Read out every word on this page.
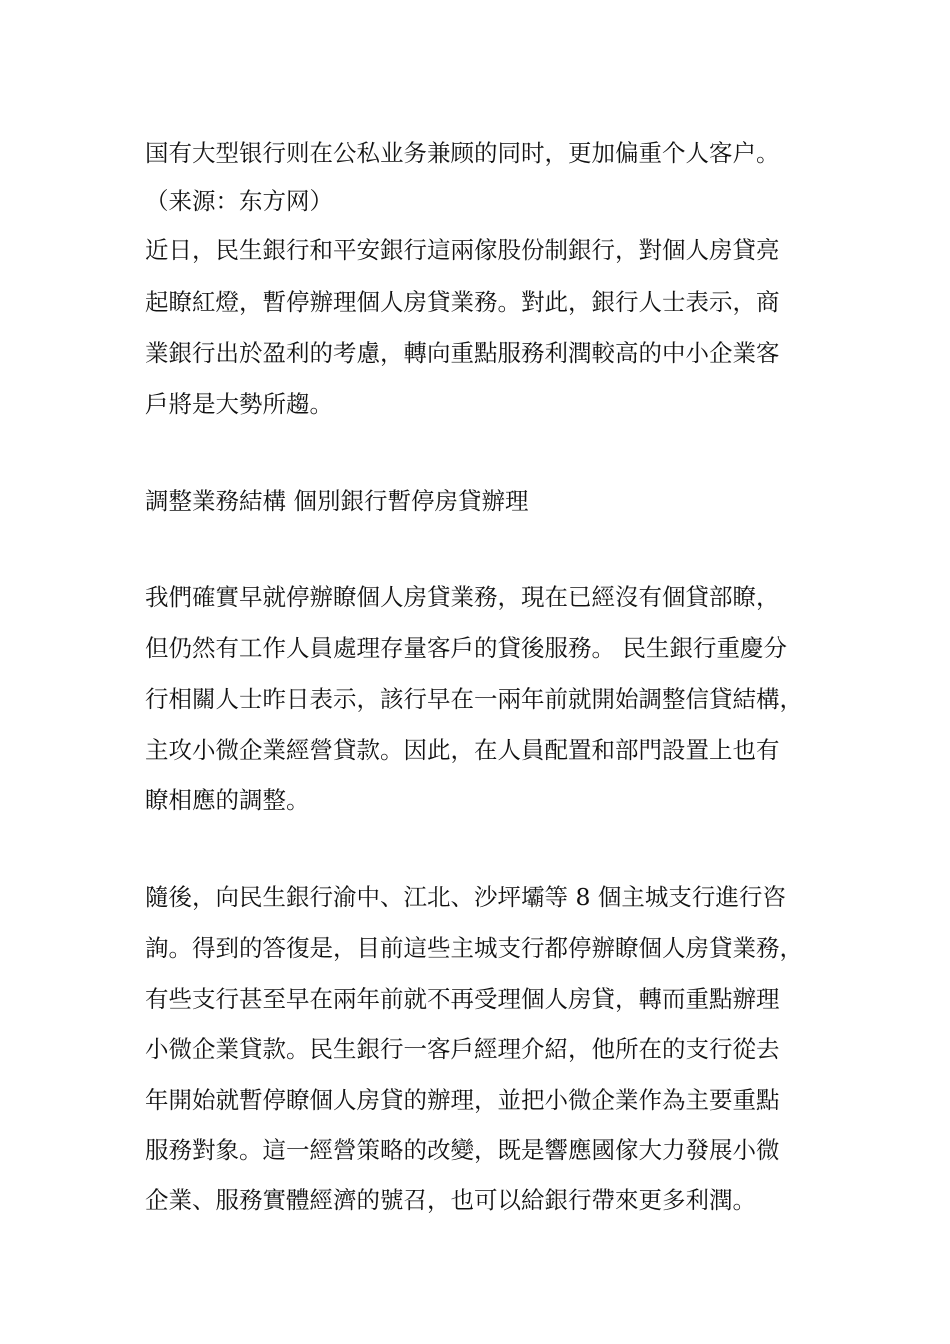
国有大型银行则在公私业务兼顾的同时，更加偏重个人客户。

（来源：东方网）

近日，民生銀行和平安銀行這兩傢股份制銀行，對個人房貸亮

起瞭紅燈，暫停辦理個人房貸業務。對此，銀行人士表示，商

業銀行出於盈利的考慮，轉向重點服務利潤較高的中小企業客

戶將是大勢所趨。

調整業務結構 個別銀行暫停房貸辦理

我們確實早就停辦瞭個人房貸業務，現在已經沒有個貸部瞭，

但仍然有工作人員處理存量客戶的貸後服務。 民生銀行重慶分

行相關人士昨日表示，該行早在一兩年前就開始調整信貸結構，

主攻小微企業經營貸款。因此，在人員配置和部門設置上也有

瞭相應的調整。

隨後，向民生銀行渝中、江北、沙坪壩等 8 個主城支行進行咨

詢。得到的答復是，目前這些主城支行都停辦瞭個人房貸業務，

有些支行甚至早在兩年前就不再受理個人房貸，轉而重點辦理

小微企業貸款。民生銀行一客戶經理介紹，他所在的支行從去

年開始就暫停瞭個人房貸的辦理，並把小微企業作為主要重點

服務對象。這一經營策略的改變，既是響應國傢大力發展小微

企業、服務實體經濟的號召，也可以給銀行帶來更多利潤。
